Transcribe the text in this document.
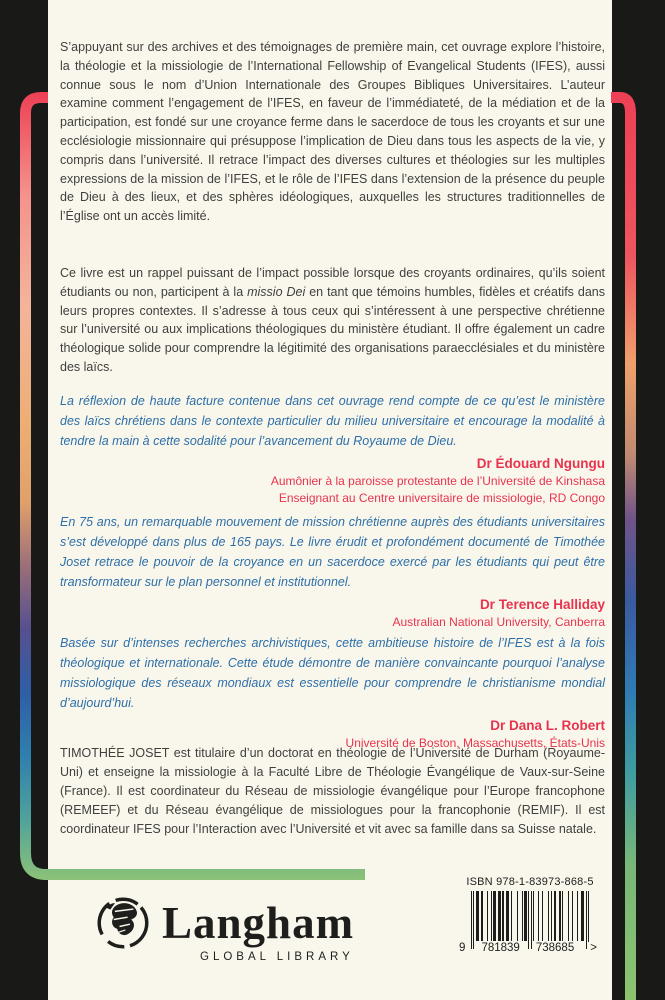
S’appuyant sur des archives et des témoignages de première main, cet ouvrage explore l’histoire, la théologie et la missiologie de l’International Fellowship of Evangelical Students (IFES), aussi connue sous le nom d’Union Internationale des Groupes Bibliques Universitaires. L’auteur examine comment l’engagement de l’IFES, en faveur de l’immédiateté, de la médiation et de la participation, est fondé sur une croyance ferme dans le sacerdoce de tous les croyants et sur une ecclésiologie missionnaire qui présuppose l’implication de Dieu dans tous les aspects de la vie, y compris dans l’université. Il retrace l’impact des diverses cultures et théologies sur les multiples expressions de la mission de l’IFES, et le rôle de l’IFES dans l’extension de la présence du peuple de Dieu à des lieux, et des sphères idéologiques, auxquelles les structures traditionnelles de l’Église ont un accès limité.
Ce livre est un rappel puissant de l’impact possible lorsque des croyants ordinaires, qu’ils soient étudiants ou non, participent à la missio Dei en tant que témoins humbles, fidèles et créatifs dans leurs propres contextes. Il s’adresse à tous ceux qui s’intéressent à une perspective chrétienne sur l’université ou aux implications théologiques du ministère étudiant. Il offre également un cadre théologique solide pour comprendre la légitimité des organisations paraecclésiales et du ministère des laïcs.
La réflexion de haute facture contenue dans cet ouvrage rend compte de ce qu’est le ministère des laïcs chrétiens dans le contexte particulier du milieu universitaire et encourage la modalité à tendre la main à cette sodalité pour l’avancement du Royaume de Dieu.
Dr Édouard Ngungu
Aumônier à la paroisse protestante de l’Université de Kinshasa
Enseignant au Centre universitaire de missiologie, RD Congo
En 75 ans, un remarquable mouvement de mission chrétienne auprès des étudiants universitaires s’est développé dans plus de 165 pays. Le livre érudit et profondément documenté de Timothée Joset retrace le pouvoir de la croyance en un sacerdoce exercé par les étudiants qui peut être transformateur sur le plan personnel et institutionnel.
Dr Terence Halliday
Australian National University, Canberra
Basée sur d’intenses recherches archivistiques, cette ambitieuse histoire de l’IFES est à la fois théologique et internationale. Cette étude démontre de manière convaincante pourquoi l’analyse missiologique des réseaux mondiaux est essentielle pour comprendre le christianisme mondial d’aujourd’hui.
Dr Dana L. Robert
Université de Boston, Massachusetts, États-Unis
TIMOTHÉE JOSET est titulaire d’un doctorat en théologie de l’Université de Durham (Royaume-Uni) et enseigne la missiologie à la Faculté Libre de Théologie Évangélique de Vaux-sur-Seine (France). Il est coordinateur du Réseau de missiologie évangélique pour l’Europe francophone (REMEEF) et du Réseau évangélique de missiologues pour la francophonie (REMIF). Il est coordinateur IFES pour l’Interaction avec l’Université et vit avec sa famille dans sa Suisse natale.
Langham
GLOBAL LIBRARY
ISBN 978-1-83973-868-5
9 781839 738685 >
